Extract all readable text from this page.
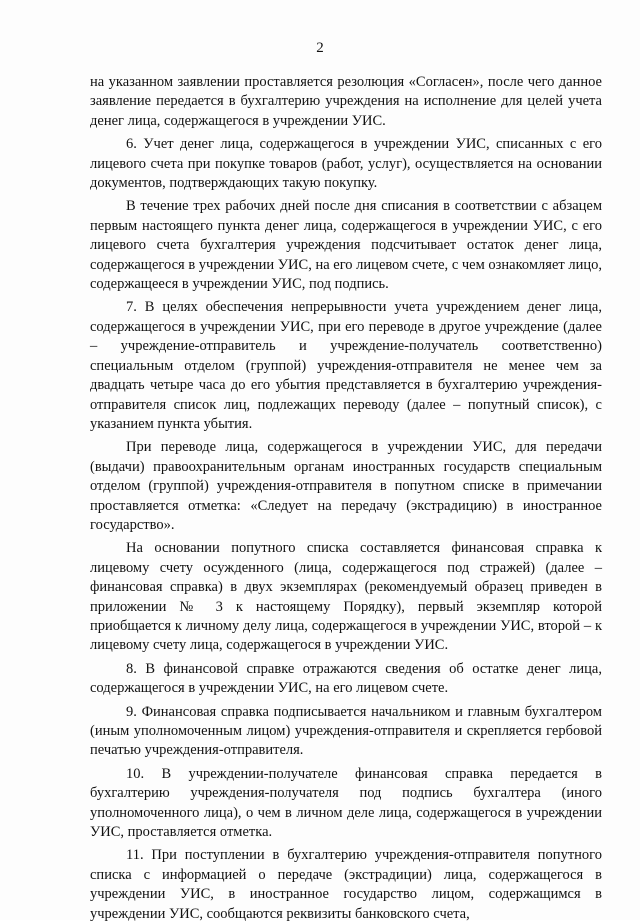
2

на указанном заявлении проставляется резолюция «Согласен», после чего данное заявление передается в бухгалтерию учреждения на исполнение для целей учета денег лица, содержащегося в учреждении УИС.

6. Учет денег лица, содержащегося в учреждении УИС, списанных с его лицевого счета при покупке товаров (работ, услуг), осуществляется на основании документов, подтверждающих такую покупку.

В течение трех рабочих дней после дня списания в соответствии с абзацем первым настоящего пункта денег лица, содержащегося в учреждении УИС, с его лицевого счета бухгалтерия учреждения подсчитывает остаток денег лица, содержащегося в учреждении УИС, на его лицевом счете, с чем ознакомляет лицо, содержащееся в учреждении УИС, под подпись.

7. В целях обеспечения непрерывности учета учреждением денег лица, содержащегося в учреждении УИС, при его переводе в другое учреждение (далее – учреждение-отправитель и учреждение-получатель соответственно) специальным отделом (группой) учреждения-отправителя не менее чем за двадцать четыре часа до его убытия представляется в бухгалтерию учреждения-отправителя список лиц, подлежащих переводу (далее – попутный список), с указанием пункта убытия.

При переводе лица, содержащегося в учреждении УИС, для передачи (выдачи) правоохранительным органам иностранных государств специальным отделом (группой) учреждения-отправителя в попутном списке в примечании проставляется отметка: «Следует на передачу (экстрадицию) в иностранное государство».

На основании попутного списка составляется финансовая справка к лицевому счету осужденного (лица, содержащегося под стражей) (далее – финансовая справка) в двух экземплярах (рекомендуемый образец приведен в приложении № 3 к настоящему Порядку), первый экземпляр которой приобщается к личному делу лица, содержащегося в учреждении УИС, второй – к лицевому счету лица, содержащегося в учреждении УИС.

8. В финансовой справке отражаются сведения об остатке денег лица, содержащегося в учреждении УИС, на его лицевом счете.

9. Финансовая справка подписывается начальником и главным бухгалтером (иным уполномоченным лицом) учреждения-отправителя и скрепляется гербовой печатью учреждения-отправителя.

10. В учреждении-получателе финансовая справка передается в бухгалтерию учреждения-получателя под подпись бухгалтера (иного уполномоченного лица), о чем в личном деле лица, содержащегося в учреждении УИС, проставляется отметка.

11. При поступлении в бухгалтерию учреждения-отправителя попутного списка с информацией о передаче (экстрадиции) лица, содержащегося в учреждении УИС, в иностранное государство лицом, содержащимся в учреждении УИС, сообщаются реквизиты банковского счета,
